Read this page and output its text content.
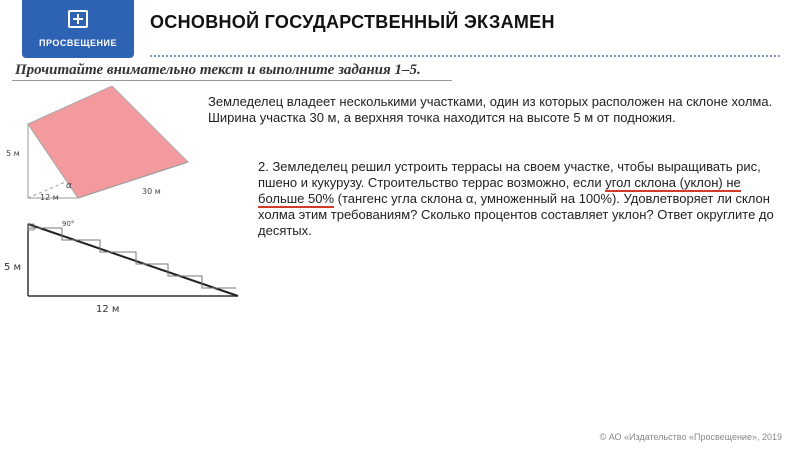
ПРОСВЕЩЕНИЕ
ОСНОВНОЙ ГОСУДАРСТВЕННЫЙ ЭКЗАМЕН
Прочитайте внимательно текст и выполните задания 1–5.
5 м
12 м
30 м
α
90°
5 м
12 м
Земледелец владеет несколькими участками, один из которых расположен на склоне холма. Ширина участка 30 м, а верхняя точка находится на высоте 5 м от подножия.
2. Земледелец решил устроить террасы на своем участке, чтобы выращивать рис, пшено и кукурузу. Строительство террас возможно, если угол склона (уклон) не больше 50% (тангенс угла склона α, умноженный на 100%). Удовлетворяет ли склон холма этим требованиям? Сколько процентов составляет уклон? Ответ округлите до десятых.
© АО «Издательство «Просвещение», 2019
